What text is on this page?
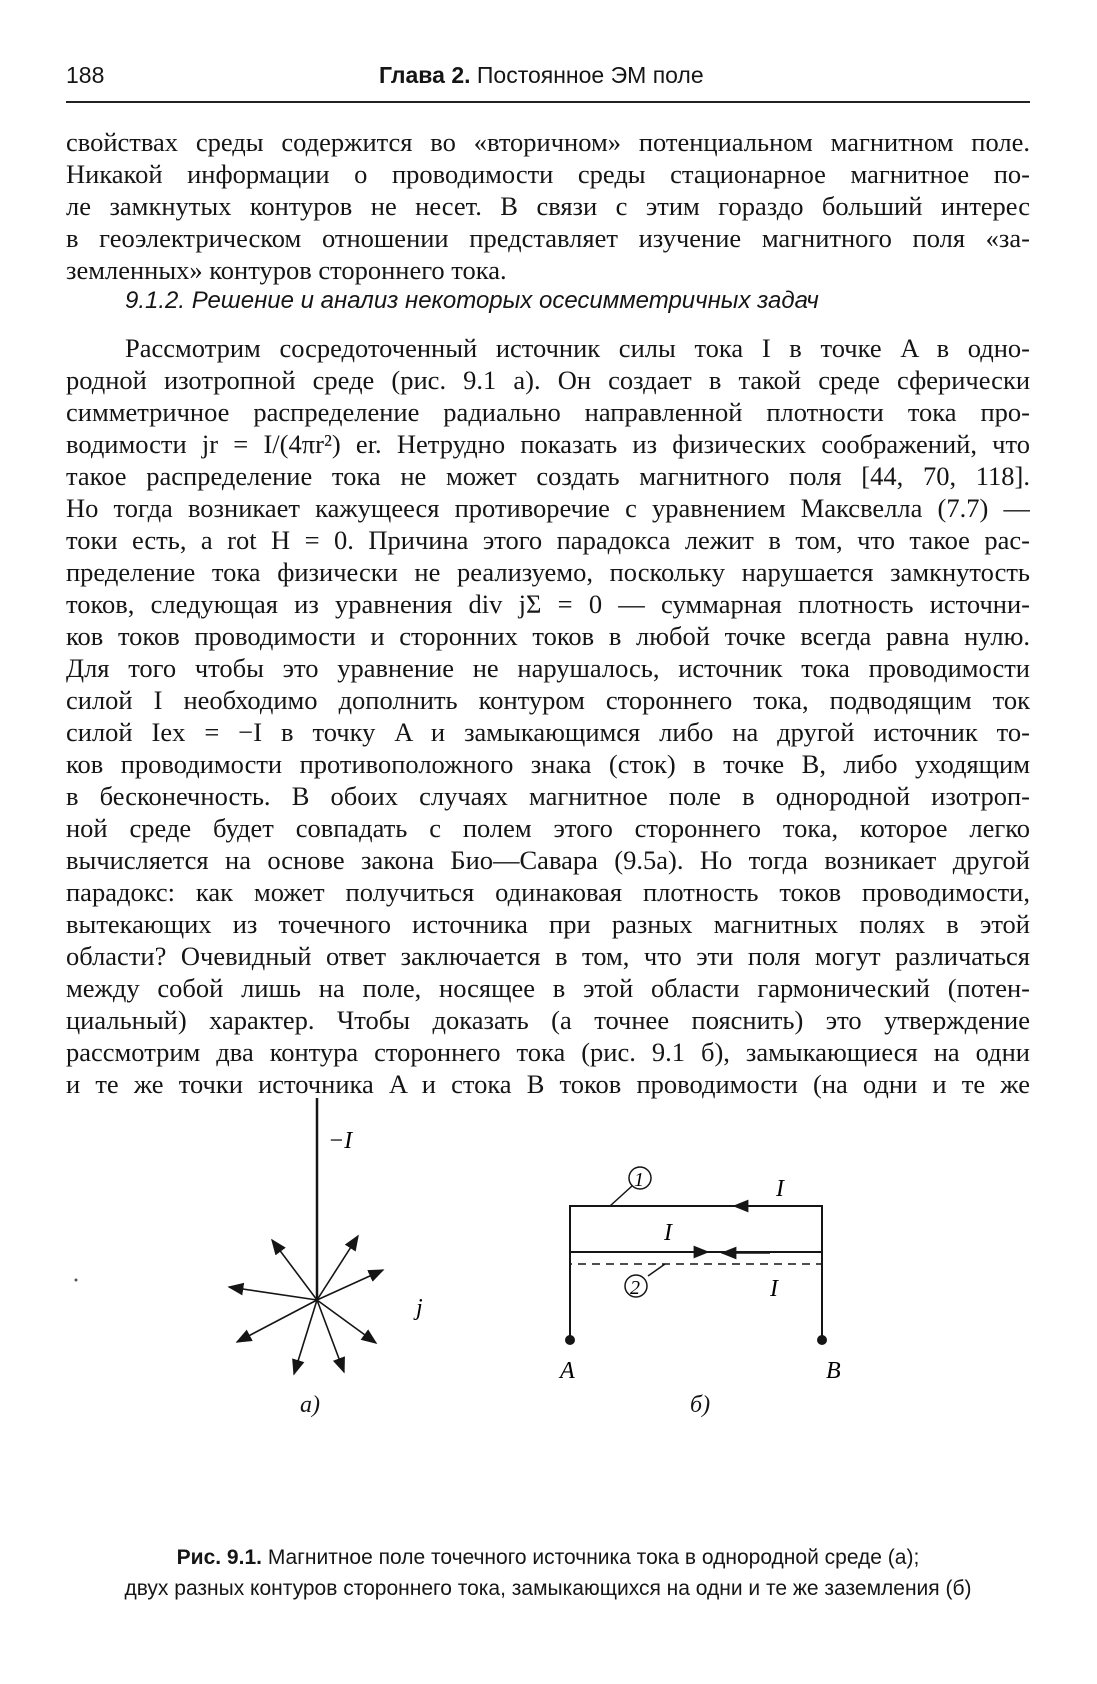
188	Глава 2. Постоянное ЭМ поле
свойствах среды содержится во «вторичном» потенциальном магнитном поле.
Никакой информации о проводимости среды стационарное магнитное по-
ле замкнутых контуров не несет. В связи с этим гораздо больший интерес
в геоэлектрическом отношении представляет изучение магнитного поля «за-
земленных» контуров стороннего тока.
9.1.2. Решение и анализ некоторых осесимметричных задач
Рассмотрим сосредоточенный источник силы тока I в точке A в одно-
родной изотропной среде (рис. 9.1 а). Он создает в такой среде сферически
симметричное распределение радиально направленной плотности тока про-
водимости jr = I/(4πr²) er. Нетрудно показать из физических соображений, что
такое распределение тока не может создать магнитного поля [44, 70, 118].
Но тогда возникает кажущееся противоречие с уравнением Максвелла (7.7) —
токи есть, а rot H = 0. Причина этого парадокса лежит в том, что такое рас-
пределение тока физически не реализуемо, поскольку нарушается замкнутость
токов, следующая из уравнения div jΣ = 0 — суммарная плотность источни-
ков токов проводимости и сторонних токов в любой точке всегда равна нулю.
Для того чтобы это уравнение не нарушалось, источник тока проводимости
силой I необходимо дополнить контуром стороннего тока, подводящим ток
силой Iex = −I в точку A и замыкающимся либо на другой источник то-
ков проводимости противоположного знака (сток) в точке B, либо уходящим
в бесконечность. В обоих случаях магнитное поле в однородной изотроп-
ной среде будет совпадать с полем этого стороннего тока, которое легко
вычисляется на основе закона Био—Савара (9.5а). Но тогда возникает другой
парадокс: как может получиться одинаковая плотность токов проводимости,
вытекающих из точечного источника при разных магнитных полях в этой
области? Очевидный ответ заключается в том, что эти поля могут различаться
между собой лишь на поле, носящее в этой области гармонический (потен-
циальный) характер. Чтобы доказать (а точнее пояснить) это утверждение
рассмотрим два контура стороннего тока (рис. 9.1 б), замыкающиеся на одни
и те же точки источника A и стока B токов проводимости (на одни и те же
−I
j
1
2
I
I
I
A	B
а)	б)
Рис. 9.1. Магнитное поле точечного источника тока в однородной среде (а);
двух разных контуров стороннего тока, замыкающихся на одни и те же заземления (б)
